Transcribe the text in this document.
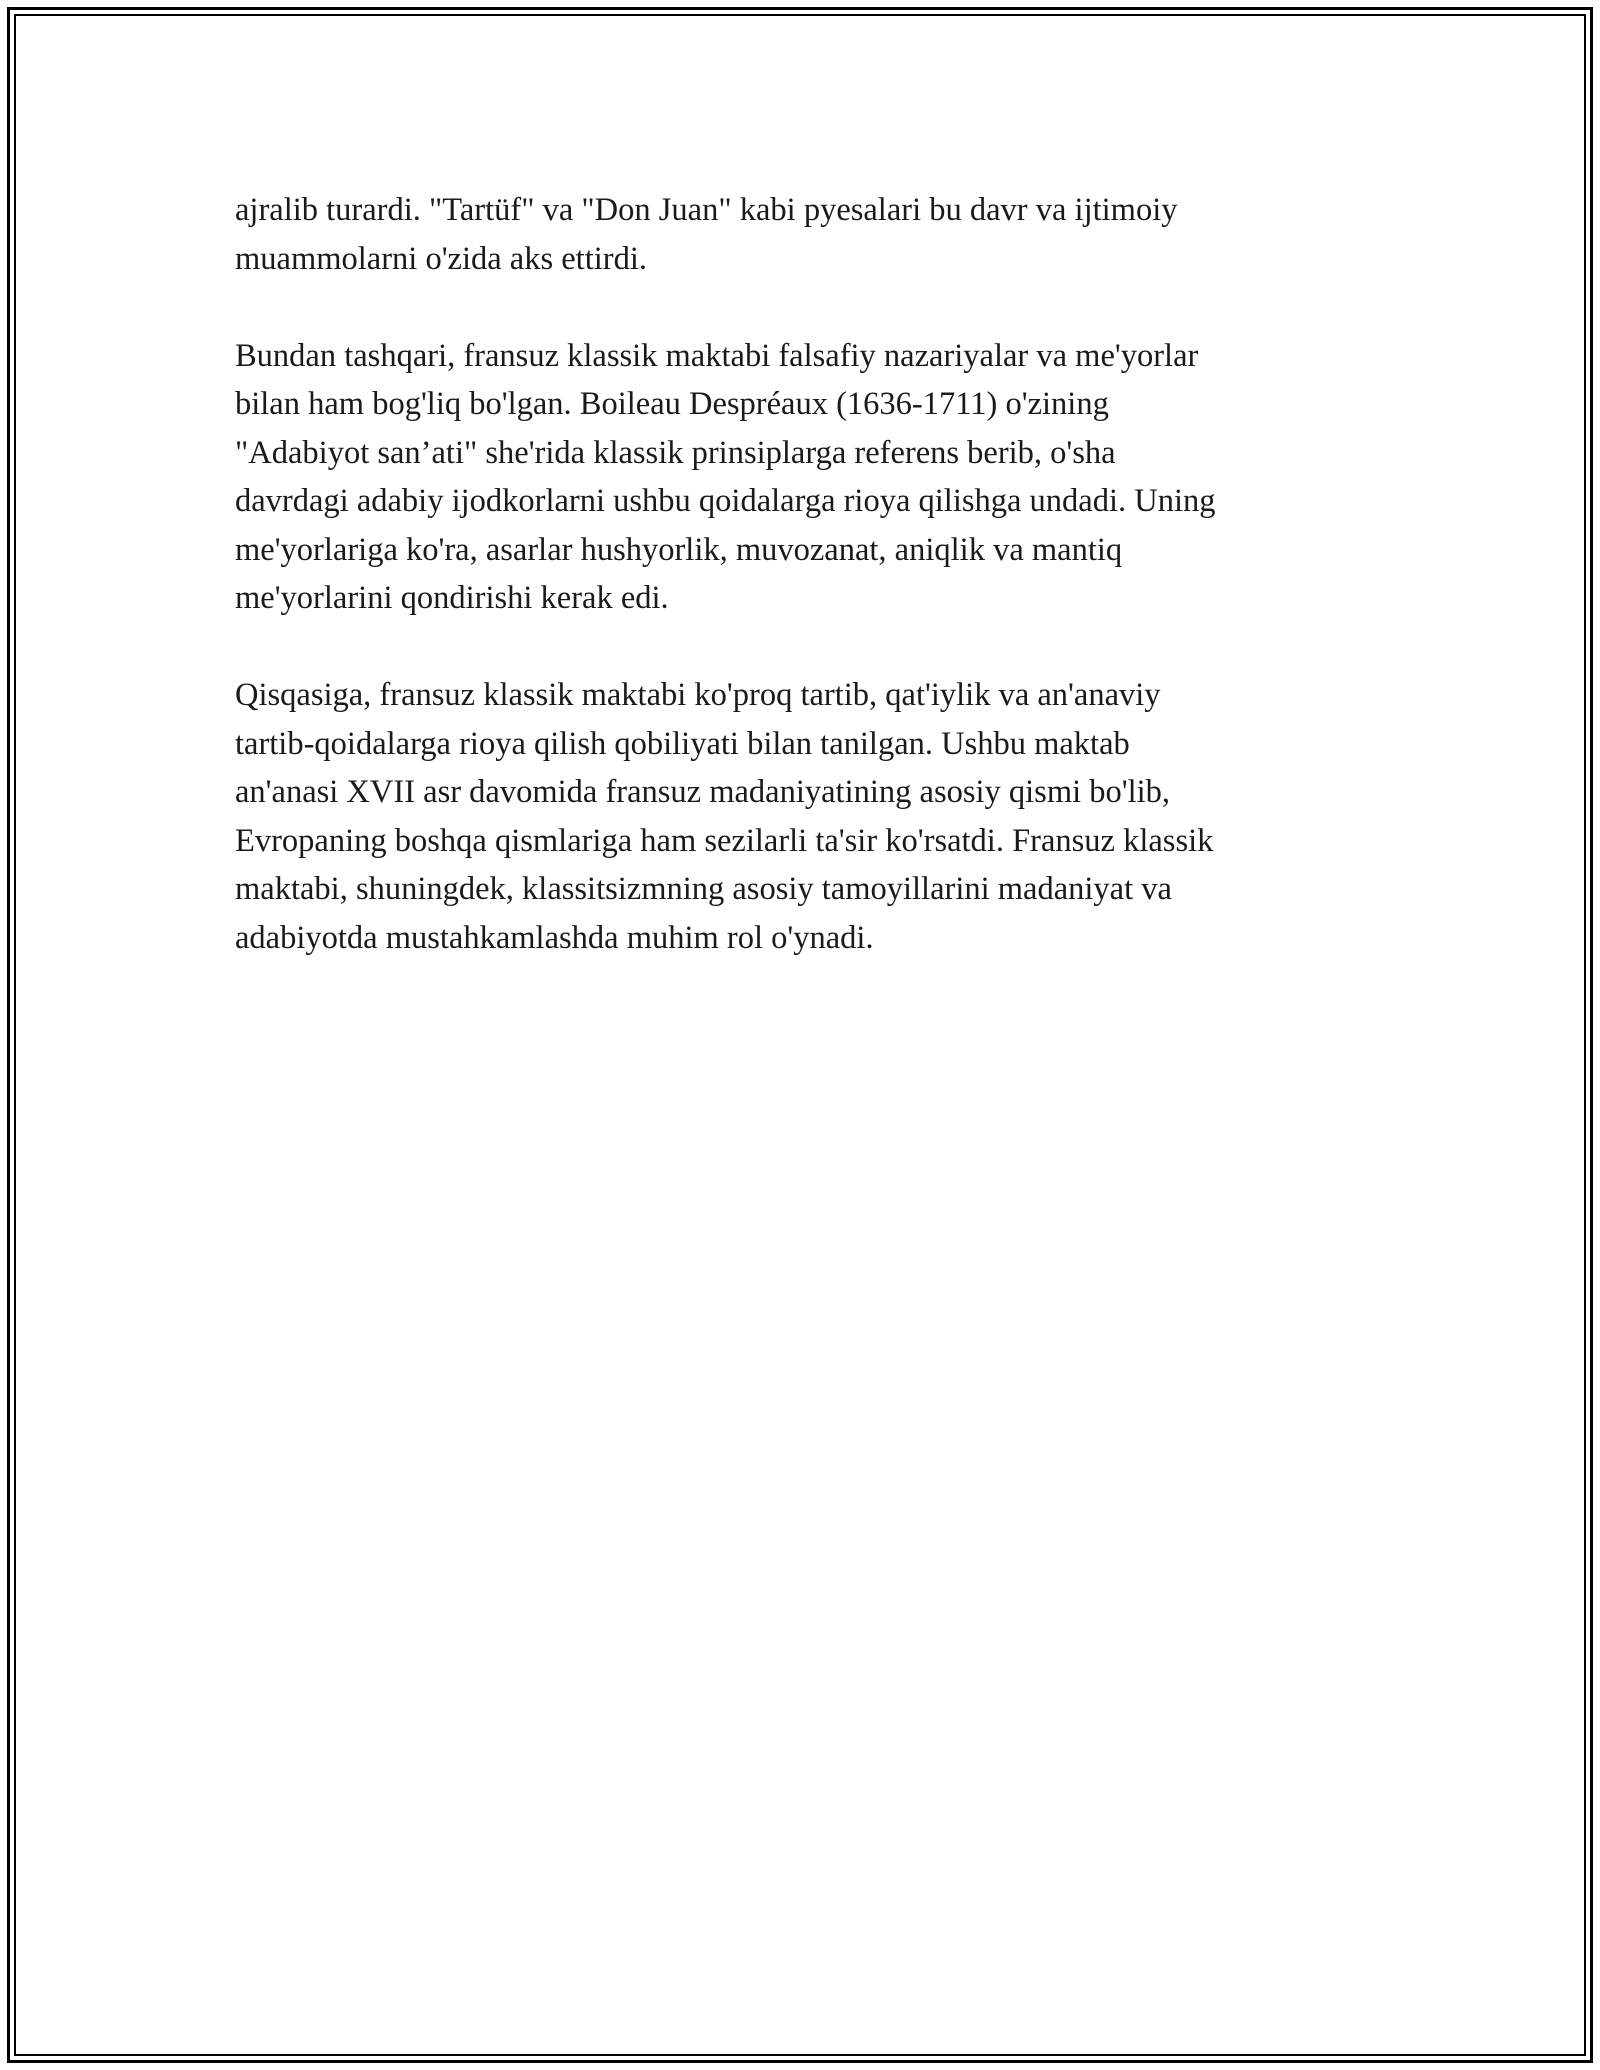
ajralib turardi. "Tartüf" va "Don Juan" kabi pyesalari bu davr va ijtimoiy
muammolarni o'zida aks ettirdi.

Bundan tashqari, fransuz klassik maktabi falsafiy nazariyalar va me'yorlar
bilan ham bog'liq bo'lgan. Boileau Despréaux (1636-1711) o'zining
"Adabiyot san’ati" she'rida klassik prinsiplarga referens berib, o'sha
davrdagi adabiy ijodkorlarni ushbu qoidalarga rioya qilishga undadi. Uning
me'yorlariga ko'ra, asarlar hushyorlik, muvozanat, aniqlik va mantiq
me'yorlarini qondirishi kerak edi.

Qisqasiga, fransuz klassik maktabi ko'proq tartib, qat'iylik va an'anaviy
tartib-qoidalarga rioya qilish qobiliyati bilan tanilgan. Ushbu maktab
an'anasi XVII asr davomida fransuz madaniyatining asosiy qismi bo'lib,
Evropaning boshqa qismlariga ham sezilarli ta'sir ko'rsatdi. Fransuz klassik
maktabi, shuningdek, klassitsizmning asosiy tamoyillarini madaniyat va
adabiyotda mustahkamlashda muhim rol o'ynadi.
